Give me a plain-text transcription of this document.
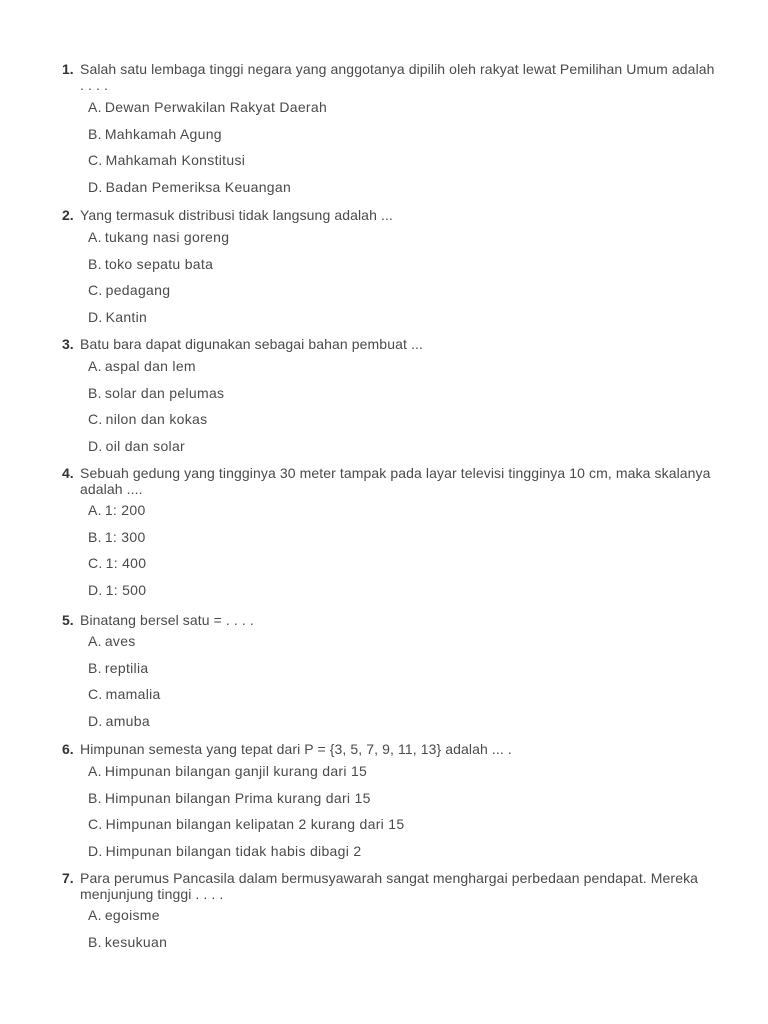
1. Salah satu lembaga tinggi negara yang anggotanya dipilih oleh rakyat lewat Pemilihan Umum adalah . . . .
A. Dewan Perwakilan Rakyat Daerah
B. Mahkamah Agung
C. Mahkamah Konstitusi
D. Badan Pemeriksa Keuangan
2. Yang termasuk distribusi tidak langsung adalah ...
A. tukang nasi goreng
B. toko sepatu bata
C. pedagang
D. Kantin
3. Batu bara dapat digunakan sebagai bahan pembuat ...
A. aspal dan lem
B. solar dan pelumas
C. nilon dan kokas
D. oil dan solar
4. Sebuah gedung yang tingginya 30 meter tampak pada layar televisi tingginya 10 cm, maka skalanya adalah ....
A. 1: 200
B. 1: 300
C. 1: 400
D. 1: 500
5. Binatang bersel satu = . . . .
A. aves
B. reptilia
C. mamalia
D. amuba
6. Himpunan semesta yang tepat dari P = {3, 5, 7, 9, 11, 13} adalah ... .
A. Himpunan bilangan ganjil kurang dari 15
B. Himpunan bilangan Prima kurang dari 15
C. Himpunan bilangan kelipatan 2 kurang dari 15
D. Himpunan bilangan tidak habis dibagi 2
7. Para perumus Pancasila dalam bermusyawarah sangat menghargai perbedaan pendapat. Mereka menjunjung tinggi . . . .
A. egoisme
B. kesukuan
